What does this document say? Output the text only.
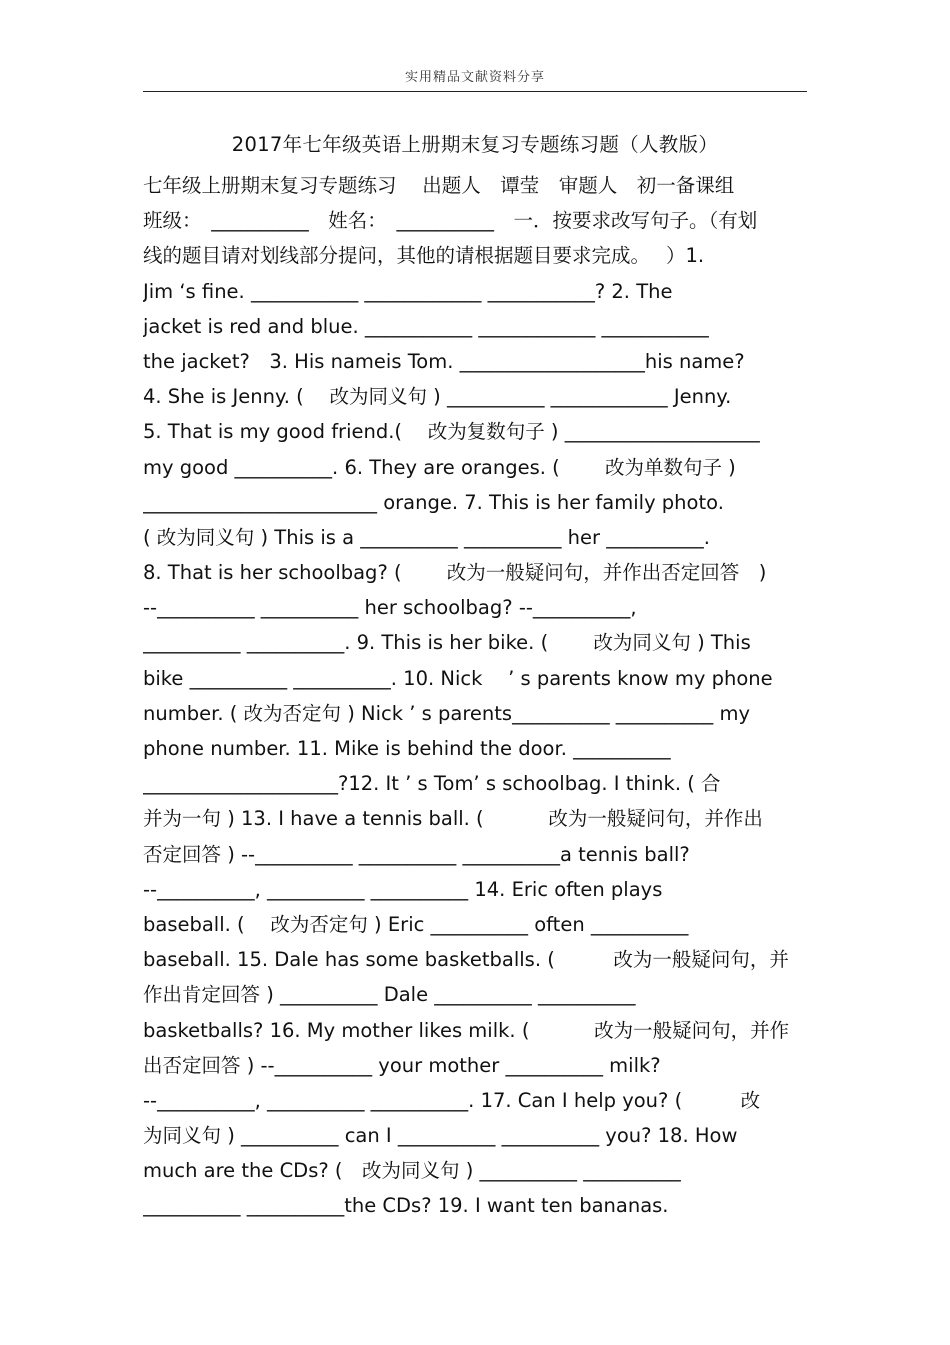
实用精品文献资料分享
2017年七年级英语上册期末复习专题练习题（人教版）
七年级上册期末复习专题练习　 出题人　谭莹　审题人　初一备课组
班级：　__________　姓名：　__________　一．按要求改写句子。（有划
线的题目请对划线部分提问，其他的请根据题目要求完成。　 ）1.
Jim ‘s fine. ___________ ____________ ___________? 2. The
jacket is red and blue. ___________ ____________ ___________
the jacket?　3. His nameis Tom. ___________________his name?
4. She is Jenny. (　 改为同义句 ) __________ ____________ Jenny.
5. That is my good friend.(　 改为复数句子 ) ____________________
my good __________. 6. They are oranges. (　　 改为单数句子 )
________________________ orange. 7. This is her family photo.
( 改为同义句 ) This is a __________ __________ her __________.
8. That is her schoolbag? (　　 改为一般疑问句，并作出否定回答　)
--__________ __________ her schoolbag? --__________,
__________ __________. 9. This is her bike. (　　 改为同义句 ) This
bike __________ __________. 10. Nick　 ’ s parents know my phone
number. ( 改为否定句 ) Nick ’ s parents__________ __________ my
phone number. 11. Mike is behind the door. __________
____________________?12. It ’ s Tom’ s schoolbag. I think. ( 合
并为一句 ) 13. I have a tennis ball. (　　　 改为一般疑问句，并作出
否定回答 ) --__________ __________ __________a tennis ball?
--__________, __________ __________ 14. Eric often plays
baseball. (　 改为否定句 ) Eric __________ often __________
baseball. 15. Dale has some basketballs. (　　　改为一般疑问句，并
作出肯定回答 ) __________ Dale __________ __________
basketballs? 16. My mother likes milk. (　　　 改为一般疑问句，并作
出否定回答 ) --__________ your mother __________ milk?
--__________, __________ __________. 17. Can I help you? (　　　改
为同义句 ) __________ can I __________ __________ you? 18. How
much are the CDs? (　改为同义句 ) __________ __________
__________ __________the CDs? 19. I want ten bananas.
